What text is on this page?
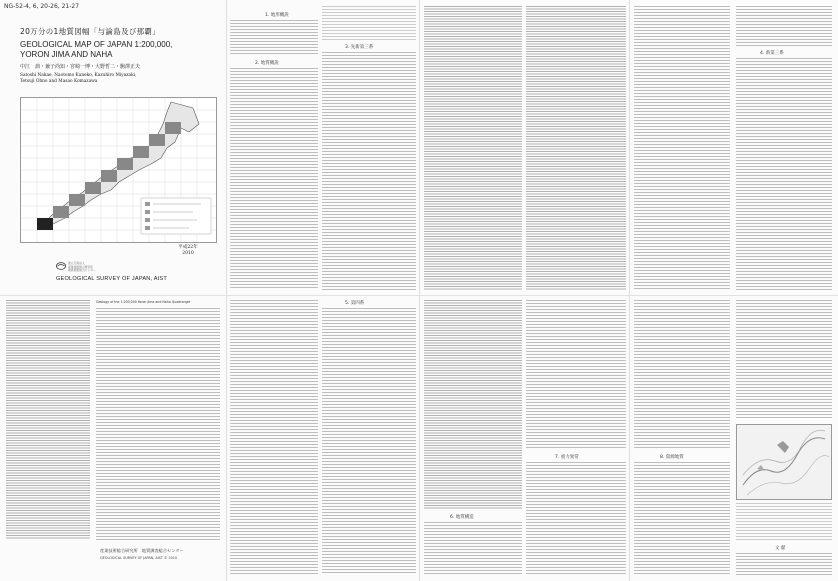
NG-52-4, 6, 20-26, 21-27
20万分の1地質図幅「与論島及び那覇」
GEOLOGICAL MAP OF JAPAN 1:200,000,
YORON JIMA AND NAHA
中江　訓・兼子尚知・宮崎一博・大野哲二・駒澤正夫
Satoshi Nakae, Naotomo Kaneko, Kazuhiro Miyazaki,
Tetsuji Ohno and Masao Komazawa
平成22年
2010
独立行政法人
産業技術総合研究所
地質調査総合センター
GEOLOGICAL SURVEY OF JAPAN, AIST
Geology of the 1:200,000 Yoron Jima and Naha Quadrangle
産業技術総合研究所　地質調査総合センター
GEOLOGICAL SURVEY OF JAPAN, AIST © 2010
1. 地形概説
2. 地質概説
3. 先新第三系
4. 新第三系
5. 第四系
6. 地質構造
7. 重力異常	8. 資源地質
文 献
